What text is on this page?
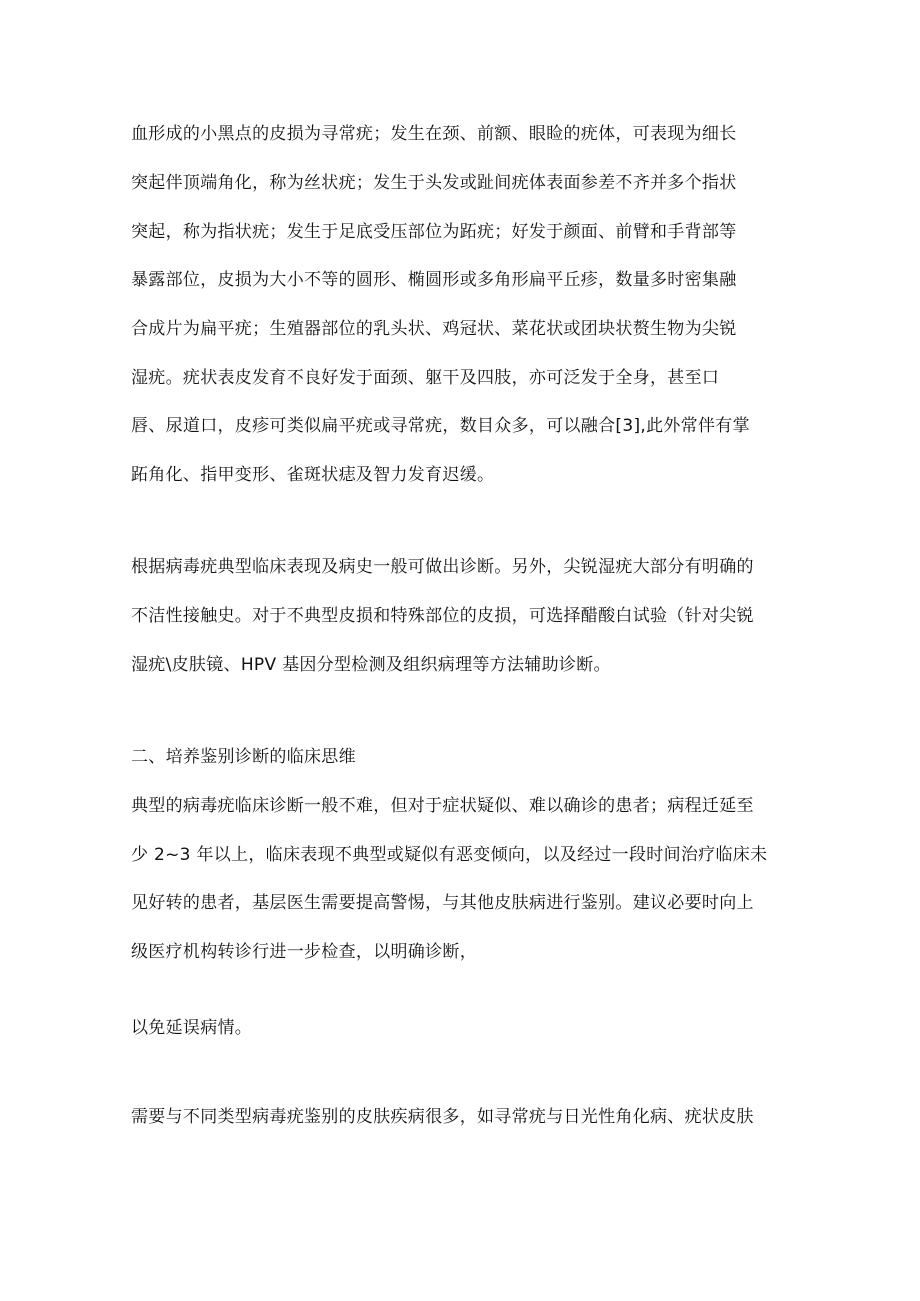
血形成的小黑点的皮损为寻常疣；发生在颈、前额、眼睑的疣体，可表现为细长

突起伴顶端角化，称为丝状疣；发生于头发或趾间疣体表面参差不齐并多个指状

突起，称为指状疣；发生于足底受压部位为跖疣；好发于颜面、前臂和手背部等

暴露部位，皮损为大小不等的圆形、椭圆形或多角形扁平丘疹，数量多时密集融

合成片为扁平疣；生殖器部位的乳头状、鸡冠状、菜花状或团块状赘生物为尖锐

湿疣。疣状表皮发育不良好发于面颈、躯干及四肢，亦可泛发于全身，甚至口

唇、尿道口，皮疹可类似扁平疣或寻常疣，数目众多，可以融合[3],此外常伴有掌

跖角化、指甲变形、雀斑状痣及智力发育迟缓。

根据病毒疣典型临床表现及病史一般可做出诊断。另外，尖锐湿疣大部分有明确的

不洁性接触史。对于不典型皮损和特殊部位的皮损，可选择醋酸白试验（针对尖锐

湿疣\皮肤镜、HPV 基因分型检测及组织病理等方法辅助诊断。

二、培养鉴别诊断的临床思维

典型的病毒疣临床诊断一般不难，但对于症状疑似、难以确诊的患者；病程迁延至

少 2~3 年以上，临床表现不典型或疑似有恶变倾向，以及经过一段时间治疗临床未

见好转的患者，基层医生需要提高警惕，与其他皮肤病进行鉴别。建议必要时向上

级医疗机构转诊行进一步检查，以明确诊断，

以免延误病情。

需要与不同类型病毒疣鉴别的皮肤疾病很多，如寻常疣与日光性角化病、疣状皮肤
